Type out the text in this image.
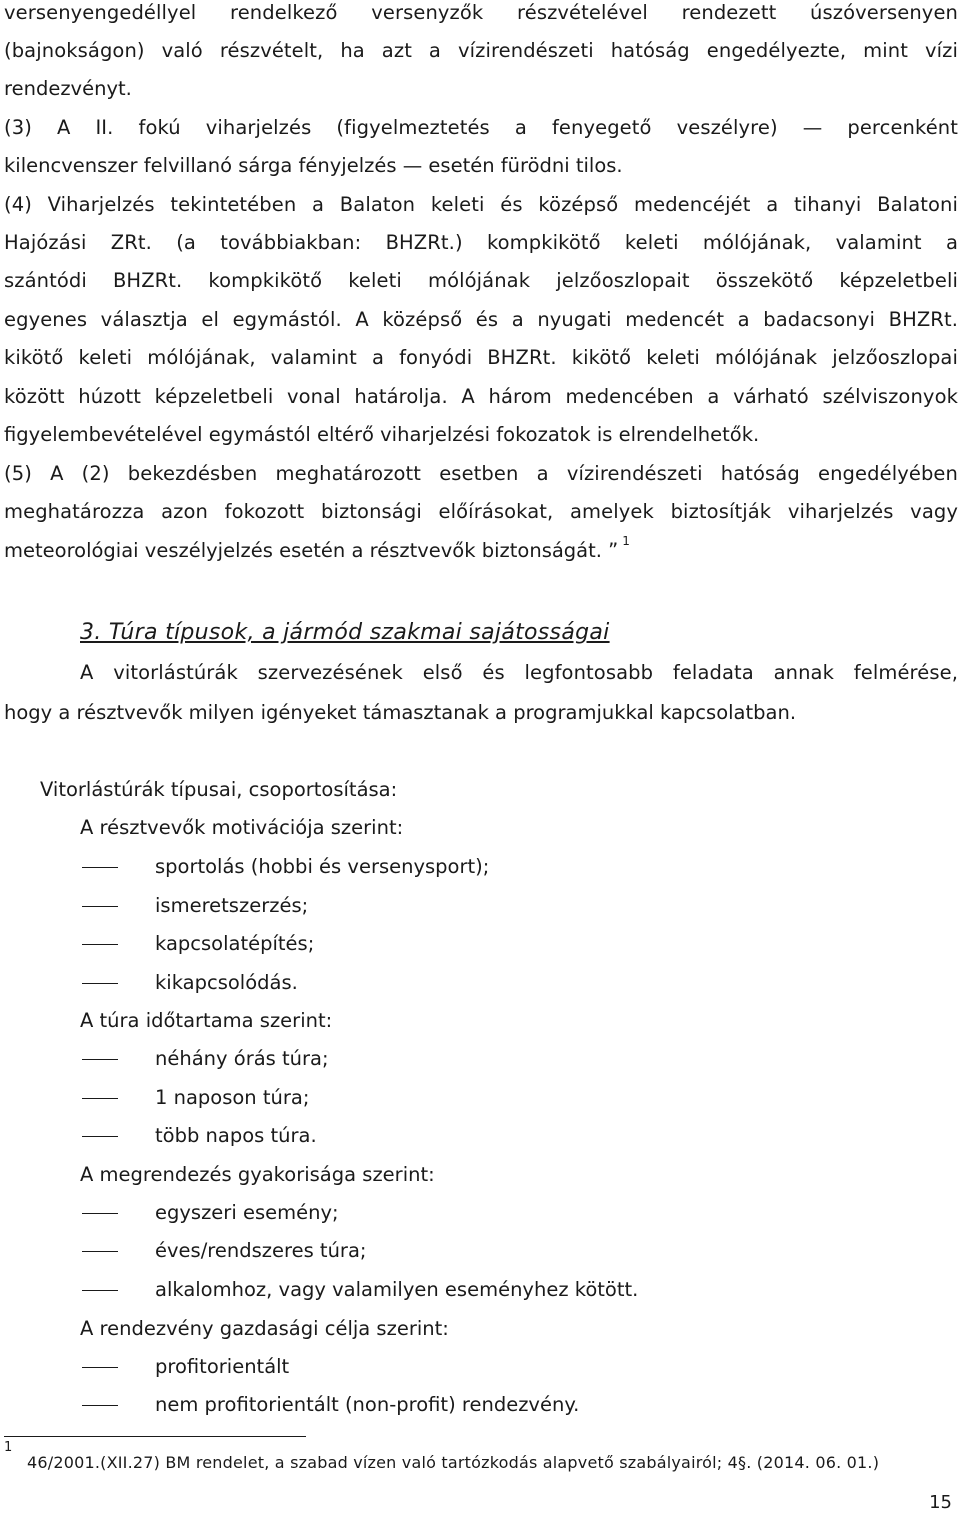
versenyengedéllyel rendelkező versenyzők részvételével rendezett úszóversenyen
(bajnokságon) való részvételt, ha azt a vízirendészeti hatóság engedélyezte, mint vízi
rendezvényt.
(3) A II. fokú viharjelzés (figyelmeztetés a fenyegető veszélyre) — percenként
kilencvenszer felvillanó sárga fényjelzés — esetén fürödni tilos.
(4) Viharjelzés tekintetében a Balaton keleti és középső medencéjét a tihanyi Balatoni
Hajózási ZRt. (a továbbiakban: BHZRt.) kompkikötő keleti mólójának, valamint a
szántódi BHZRt. kompkikötő keleti mólójának jelzőoszlopait összekötő képzeletbeli
egyenes választja el egymástól. A középső és a nyugati medencét a badacsonyi BHZRt.
kikötő keleti mólójának, valamint a fonyódi BHZRt. kikötő keleti mólójának jelzőoszlopai
között húzott képzeletbeli vonal határolja. A három medencében a várható szélviszonyok
figyelembevételével egymástól eltérő viharjelzési fokozatok is elrendelhetők.
(5) A (2) bekezdésben meghatározott esetben a vízirendészeti hatóság engedélyében
meghatározza azon fokozott biztonsági előírásokat, amelyek biztosítják viharjelzés vagy
meteorológiai veszélyjelzés esetén a résztvevők biztonságát. ” $^1$
3. Túra típusok, a jármód szakmai sajátosságai
A vitorlástúrák szervezésének első és legfontosabb feladata annak felmérése,
hogy a résztvevők milyen igényeket támasztanak a programjukkal kapcsolatban.
Vitorlástúrák típusai, csoportosítása:
A résztvevők motivációja szerint:
sportolás (hobbi és versenysport);
ismeretszerzés;
kapcsolatépítés;
kikapcsolódás.
A túra időtartama szerint:
néhány órás túra;
1 naposon túra;
több napos túra.
A megrendezés gyakorisága szerint:
egyszeri esemény;
éves/rendszeres túra;
alkalomhoz, vagy valamilyen eseményhez kötött.
A rendezvény gazdasági célja szerint:
profitorientált
nem profitorientált (non-profit) rendezvény.
1
46/2001.(XII.27) BM rendelet, a szabad vízen való tartózkodás alapvető szabályairól; 4§. (2014. 06. 01.)
15
